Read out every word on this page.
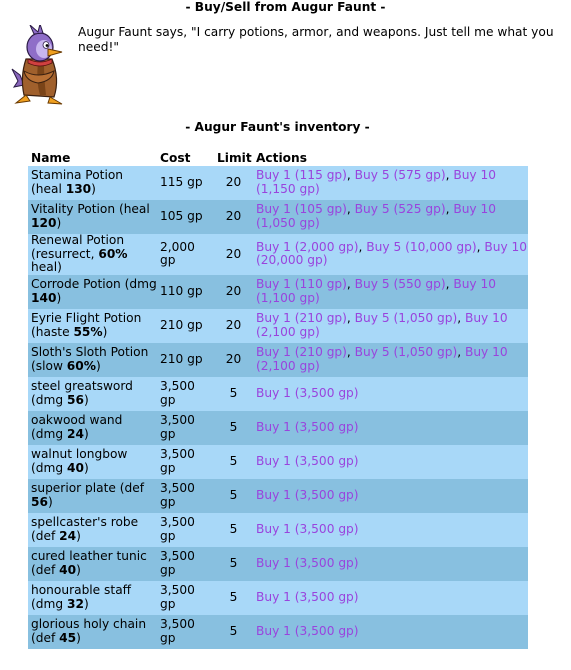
- Buy/Sell from Augur Faunt -
Augur Faunt says, "I carry potions, armor, and weapons. Just tell me what you need!"
- Augur Faunt's inventory -
Name	Cost	Limit	Actions
Stamina Potion (heal 130)	115 gp	20	Buy 1 (115 gp), Buy 5 (575 gp), Buy 10 (1,150 gp)
Vitality Potion (heal 120)	105 gp	20	Buy 1 (105 gp), Buy 5 (525 gp), Buy 10 (1,050 gp)
Renewal Potion (resurrect, 60% heal)	2,000 gp	20	Buy 1 (2,000 gp), Buy 5 (10,000 gp), Buy 10 (20,000 gp)
Corrode Potion (dmg 140)	110 gp	20	Buy 1 (110 gp), Buy 5 (550 gp), Buy 10 (1,100 gp)
Eyrie Flight Potion (haste 55%)	210 gp	20	Buy 1 (210 gp), Buy 5 (1,050 gp), Buy 10 (2,100 gp)
Sloth's Sloth Potion (slow 60%)	210 gp	20	Buy 1 (210 gp), Buy 5 (1,050 gp), Buy 10 (2,100 gp)
steel greatsword (dmg 56)	3,500 gp	5	Buy 1 (3,500 gp)
oakwood wand (dmg 24)	3,500 gp	5	Buy 1 (3,500 gp)
walnut longbow (dmg 40)	3,500 gp	5	Buy 1 (3,500 gp)
superior plate (def 56)	3,500 gp	5	Buy 1 (3,500 gp)
spellcaster's robe (def 24)	3,500 gp	5	Buy 1 (3,500 gp)
cured leather tunic (def 40)	3,500 gp	5	Buy 1 (3,500 gp)
honourable staff (dmg 32)	3,500 gp	5	Buy 1 (3,500 gp)
glorious holy chain (def 45)	3,500 gp	5	Buy 1 (3,500 gp)
